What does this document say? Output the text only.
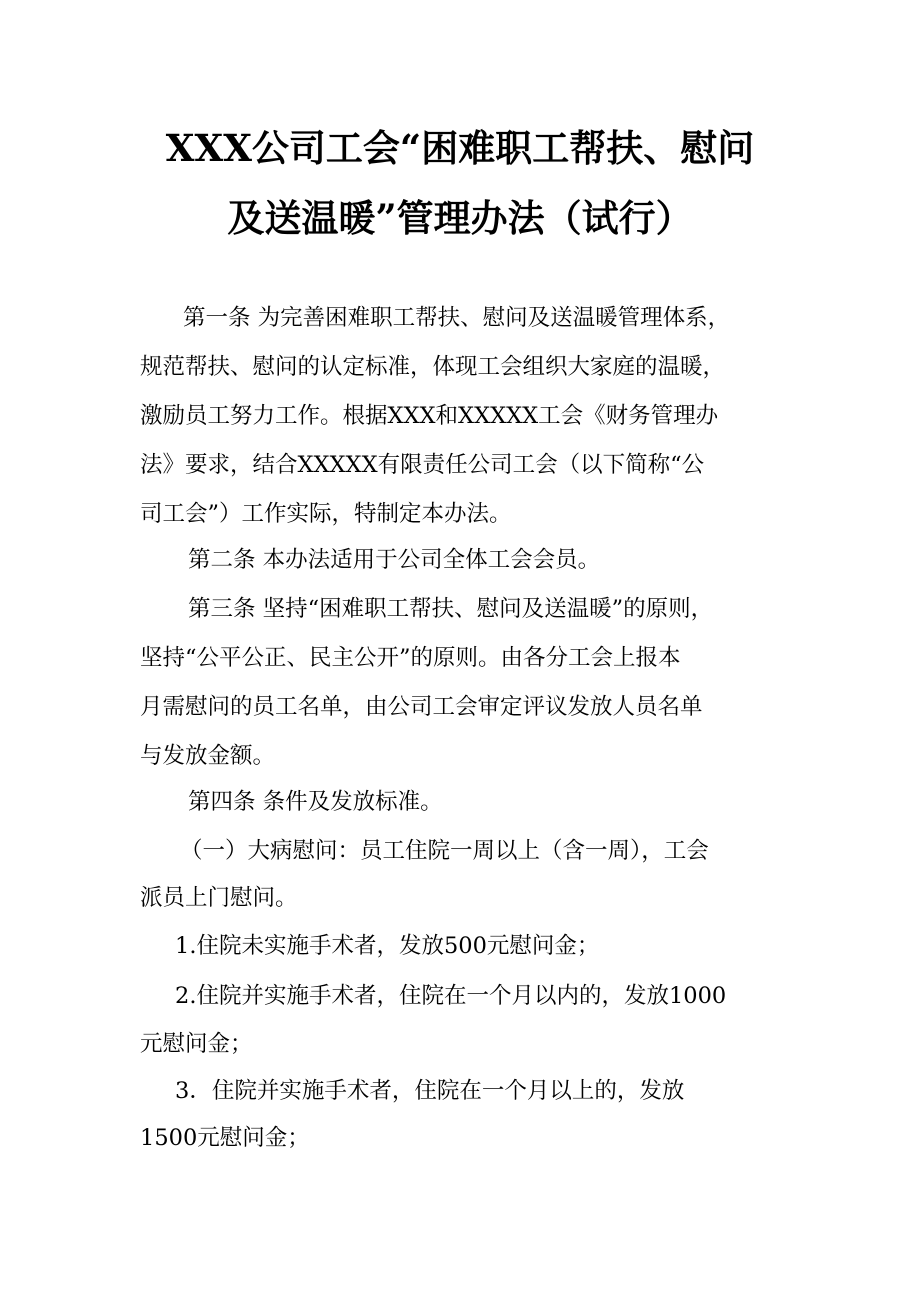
XXX公司工会“困难职工帮扶、慰问
及送温暖”管理办法（试行）
第一条 为完善困难职工帮扶、慰问及送温暖管理体系，
规范帮扶、慰问的认定标准，体现工会组织大家庭的温暖，
激励员工努力工作。根据XXX和XXXXX工会《财务管理办
法》要求，结合XXXXX有限责任公司工会（以下简称“公
司工会”）工作实际，特制定本办法。
第二条 本办法适用于公司全体工会会员。
第三条 坚持“困难职工帮扶、慰问及送温暖”的原则，
坚持“公平公正、民主公开”的原则。由各分工会上报本
月需慰问的员工名单，由公司工会审定评议发放人员名单
与发放金额。
第四条 条件及发放标准。
（一）大病慰问：员工住院一周以上（含一周），工会
派员上门慰问。
1.住院未实施手术者，发放500元慰问金；
2.住院并实施手术者，住院在一个月以内的，发放1000
元慰问金；
3．住院并实施手术者，住院在一个月以上的，发放
1500元慰问金；
